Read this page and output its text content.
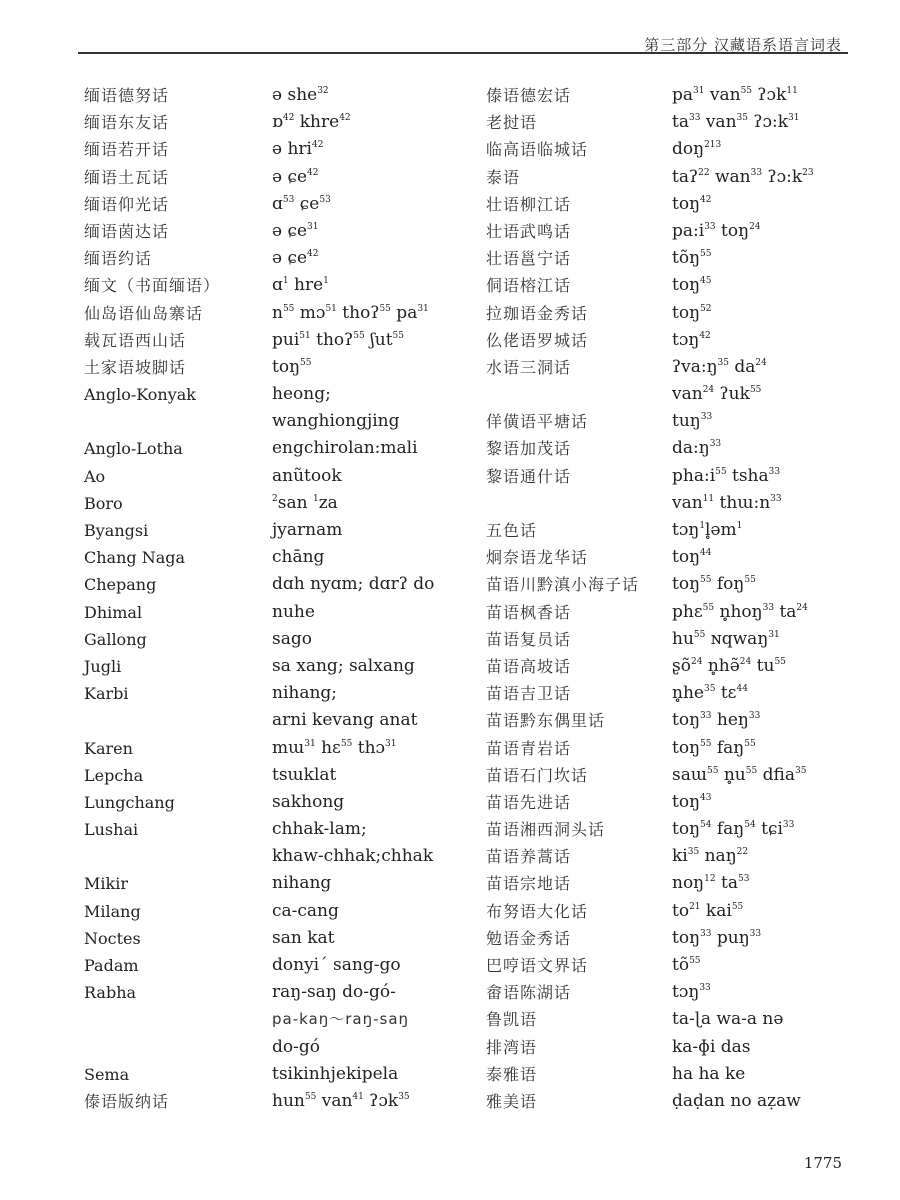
第三部分 汉藏语系语言词表
缅语德努话
缅语东友话
缅语若开话
缅语土瓦话
缅语仰光话
缅语茵达话
缅语约话
缅文（书面缅语）
仙岛语仙岛寨话
载瓦语西山话
土家语坡脚话
Anglo-Konyak
Anglo-Lotha
Ao
Boro
Byangsi
Chang Naga
Chepang
Dhimal
Gallong
Jugli
Karbi
Karen
Lepcha
Lungchang
Lushai
Mikir
Milang
Noctes
Padam
Rabha
Sema
傣语版纳话
ə she$^{32}$
ɒ$^{42}$ khre$^{42}$
ə hri$^{42}$
ə ɕe$^{42}$
ɑ$^{53}$ ɕe$^{53}$
ə ɕe$^{31}$
ə ɕe$^{42}$
ɑ$^1$ hre$^1$
$n^{55}$ mɔ$^{51}$ thoʔ$^{55}$ $pa^{31}$
pui$^{51}$ thoʔ$^{55}$ ʃut$^{55}$
toŋ$^{55}$
heong;
wanghiongjing
engchirolan:mali
anũtook
$^2$san $^1$za
jyarnam
chāng
dɑh nyɑm; dɑrʔ do
nuhe
sago
sa xang; salxang
nihang;
arni kevang anat
mɯ$^{31}$ hɛ$^{55}$ thɔ$^{31}$
tsɯklat
sakhong
chhak-lam;
khaw-chhak;chhak
nihang
ca-cang
san kat
donyi´ sang-go
raŋ-saŋ do-gó-
pa-kaŋ～raŋ-saŋ
do-gó
tsikinhjekipela
hun$^{55}$ van$^{41}$ ʔɔk$^{35}$
傣语德宏话
老挝语
临高语临城话
泰语
壮语柳江话
壮语武鸣话
壮语邕宁话
侗语榕江话
拉珈语金秀话
仫佬语罗城话
水语三洞话
佯僙语平塘话
黎语加茂话
黎语通什话
五色话
炯奈语龙华话
苗语川黔滇小海子话
苗语枫香话
苗语复员话
苗语高坡话
苗语吉卫话
苗语黔东偶里话
苗语青岩话
苗语石门坎话
苗语先进话
苗语湘西洞头话
苗语养蒿话
苗语宗地话
布努语大化话
勉语金秀话
巴哼语文界话
畲语陈湖话
鲁凯语
排湾语
泰雅语
雅美语
$pa^{31}$ van$^{55}$ ʔɔk$^{11}$
$ta^{33}$ van$^{35}$ $ʔɔ:k^{31}$
doŋ$^{213}$
taʔ$^{22}$ wan$^{33}$ $ʔɔ:k^{23}$
toŋ$^{42}$
$pa:i^{33}$ toŋ$^{24}$
tõŋ$^{55}$
toŋ$^{45}$
toŋ$^{52}$
tɔŋ$^{42}$
$ʔva:ŋ^{35}$ $da^{24}$
van$^{24}$ ʔuk$^{55}$
tuŋ$^{33}$
$da:ŋ^{33}$
$pha:i^{55}$ tsha$^{33}$
van$^{11}$ $thɯ:n^{33}$
tɔŋ$^1$l̥əm$^1$
toŋ$^{44}$
toŋ$^{55}$ foŋ$^{55}$
phɛ$^{55}$ n̥hoŋ$^{33}$ $ta^{24}$
$hu^{55}$ ɴqwaŋ$^{31}$
ʂõ$^{24}$ n̥hə̃$^{24}$ $tu^{55}$
$n̥he^{35}$ tɛ$^{44}$
toŋ$^{33}$ heŋ$^{33}$
toŋ$^{55}$ faŋ$^{55}$
saɯ$^{55}$ $n̥u^{55}$ dfia$^{35}$
toŋ$^{43}$
toŋ$^{54}$ faŋ$^{54}$ tɕi$^{33}$
$ki^{35}$ naŋ$^{22}$
noŋ$^{12}$ $ta^{53}$
$to^{21}$ kai$^{55}$
toŋ$^{33}$ puŋ$^{33}$
$tõ^{55}$
tɔŋ$^{33}$
ta-ɭa wa-a nə
ka-ɸi das
ha ha ke
ḍaḍan no aẓaw
1775
